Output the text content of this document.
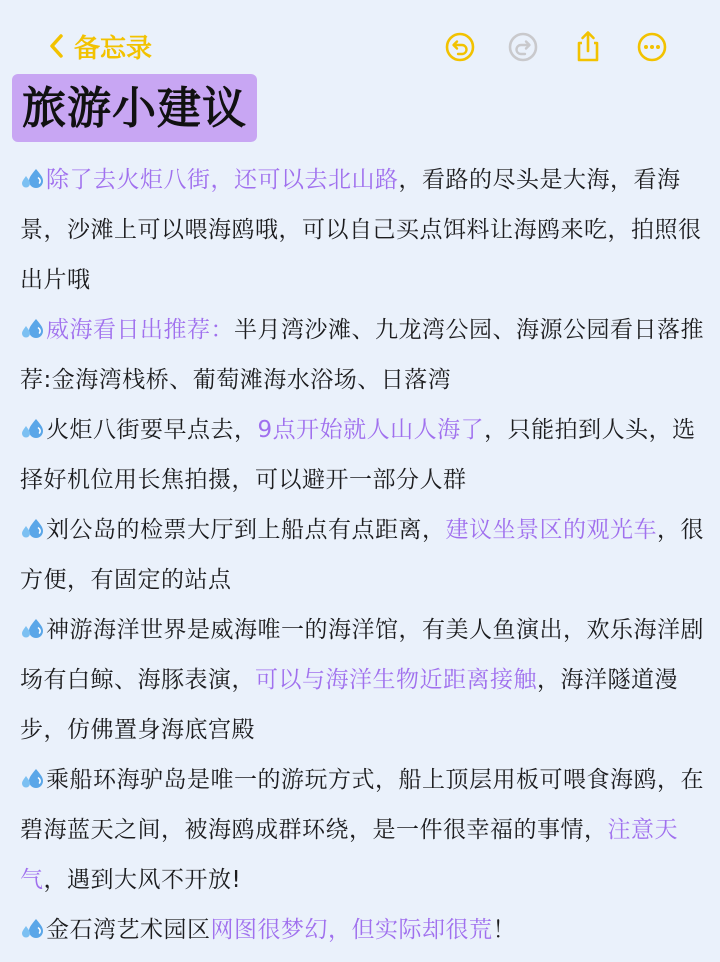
备忘录
旅游小建议
除了去火炬八街，还可以去北山路，看路的尽头是大海，看海景，沙滩上可以喂海鸥哦，可以自己买点饵料让海鸥来吃，拍照很出片哦
威海看日出推荐：半月湾沙滩、九龙湾公园、海源公园看日落推荐:金海湾栈桥、葡萄滩海水浴场、日落湾
火炬八街要早点去，9点开始就人山人海了，只能拍到人头，选择好机位用长焦拍摄，可以避开一部分人群
刘公岛的检票大厅到上船点有点距离，建议坐景区的观光车，很方便，有固定的站点
神游海洋世界是威海唯一的海洋馆，有美人鱼演出，欢乐海洋剧场有白鲸、海豚表演，可以与海洋生物近距离接触，海洋隧道漫步，仿佛置身海底宫殿
乘船环海驴岛是唯一的游玩方式，船上顶层用板可喂食海鸥，在碧海蓝天之间，被海鸥成群环绕，是一件很幸福的事情，注意天气，遇到大风不开放!
金石湾艺术园区网图很梦幻，但实际却很荒！
